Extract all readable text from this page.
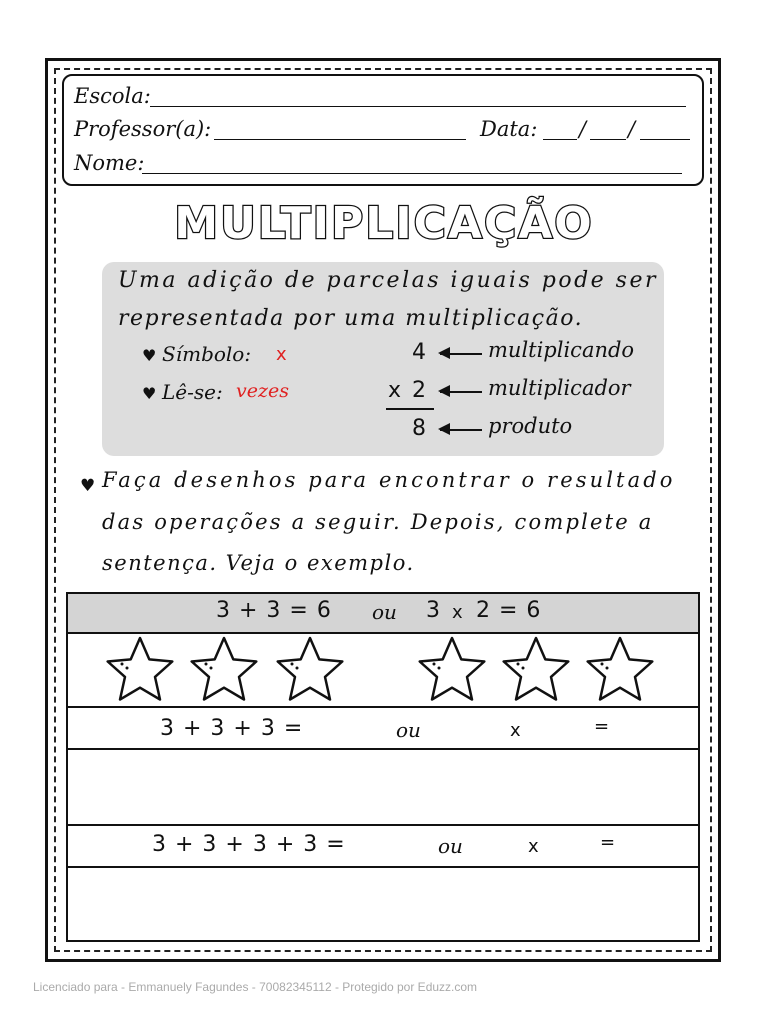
Escola:
Professor(a):	Data: / /
Nome:
MULTIPLICAÇÃO
Uma adição de parcelas iguais pode ser
representada por uma multiplicação.
♥ Símbolo: x
♥ Lê-se: vezes
4	multiplicando
x 2	multiplicador
8	produto
♥ Faça desenhos para encontrar o resultado
das operações a seguir. Depois, complete a
sentença. Veja o exemplo.
3 + 3 = 6 ou 3 x 2 = 6
3 + 3 + 3 =	ou	x	=
3 + 3 + 3 + 3 =	ou	x	=
Licenciado para - Emmanuely Fagundes - 70082345112 - Protegido por Eduzz.com
